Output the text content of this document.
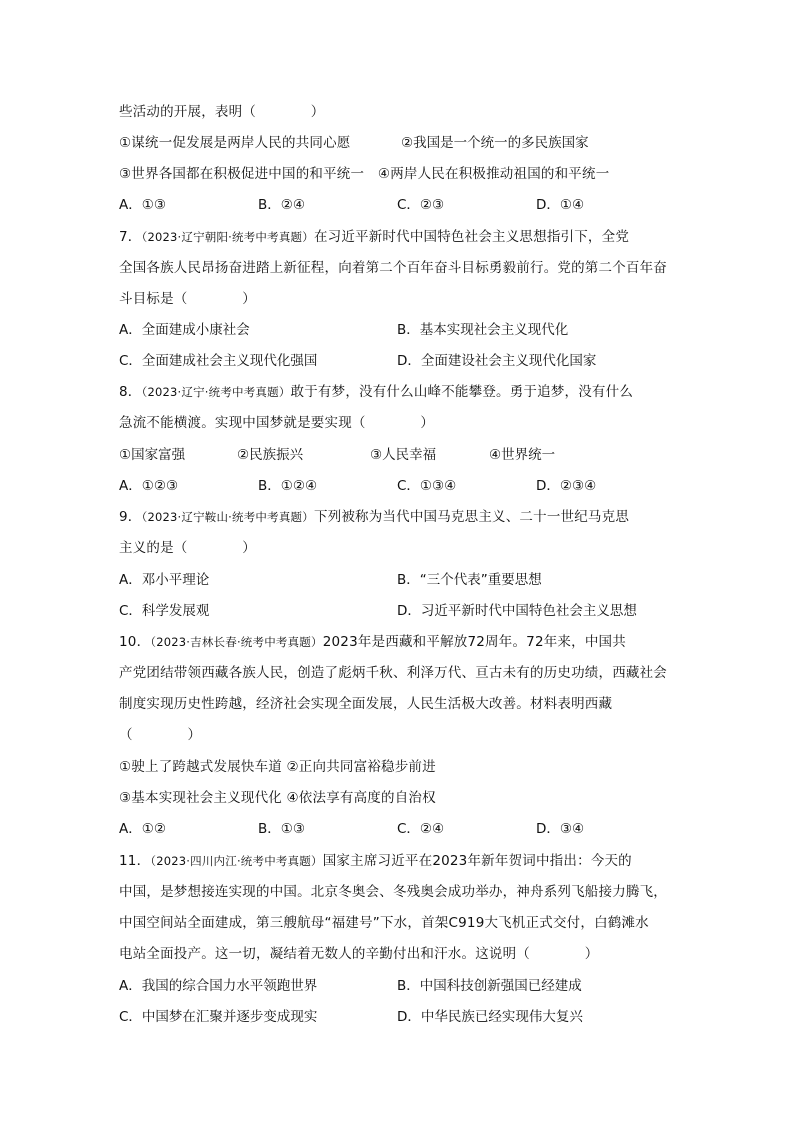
些活动的开展，表明（　　　　）
①谋统一促发展是两岸人民的共同心愿	②我国是一个统一的多民族国家
③世界各国都在积极促进中国的和平统一　④两岸人民在积极推动祖国的和平统一
A．①③	B．②④	C．②③	D．①④
7．（2023·辽宁朝阳·统考中考真题）在习近平新时代中国特色社会主义思想指引下，全党
全国各族人民昂扬奋进踏上新征程，向着第二个百年奋斗目标勇毅前行。党的第二个百年奋
斗目标是（　　　　）
A．全面建成小康社会	B．基本实现社会主义现代化
C．全面建成社会主义现代化强国	D．全面建设社会主义现代化国家
8．（2023·辽宁·统考中考真题）敢于有梦，没有什么山峰不能攀登。勇于追梦，没有什么
急流不能横渡。实现中国梦就是要实现（　　　　）
①国家富强	②民族振兴	③人民幸福	④世界统一
A．①②③	B．①②④	C．①③④	D．②③④
9．（2023·辽宁鞍山·统考中考真题）下列被称为当代中国马克思主义、二十一世纪马克思
主义的是（　　　　）
A．邓小平理论	B．“三个代表”重要思想
C．科学发展观	D．习近平新时代中国特色社会主义思想
10．（2023·吉林长春·统考中考真题）2023年是西藏和平解放72周年。72年来，中国共
产党团结带领西藏各族人民，创造了彪炳千秋、利泽万代、亘古未有的历史功绩，西藏社会
制度实现历史性跨越，经济社会实现全面发展，人民生活极大改善。材料表明西藏
（　　　　）
①驶上了跨越式发展快车道 ②正向共同富裕稳步前进
③基本实现社会主义现代化 ④依法享有高度的自治权
A．①②	B．①③	C．②④	D．③④
11．（2023·四川内江·统考中考真题）国家主席习近平在2023年新年贺词中指出：今天的
中国，是梦想接连实现的中国。北京冬奥会、冬残奥会成功举办，神舟系列飞船接力腾飞，
中国空间站全面建成，第三艘航母“福建号”下水，首架C919大飞机正式交付，白鹤滩水
电站全面投产。这一切，凝结着无数人的辛勤付出和汗水。这说明（　　　　）
A．我国的综合国力水平领跑世界	B．中国科技创新强国已经建成
C．中国梦在汇聚并逐步变成现实	D．中华民族已经实现伟大复兴
